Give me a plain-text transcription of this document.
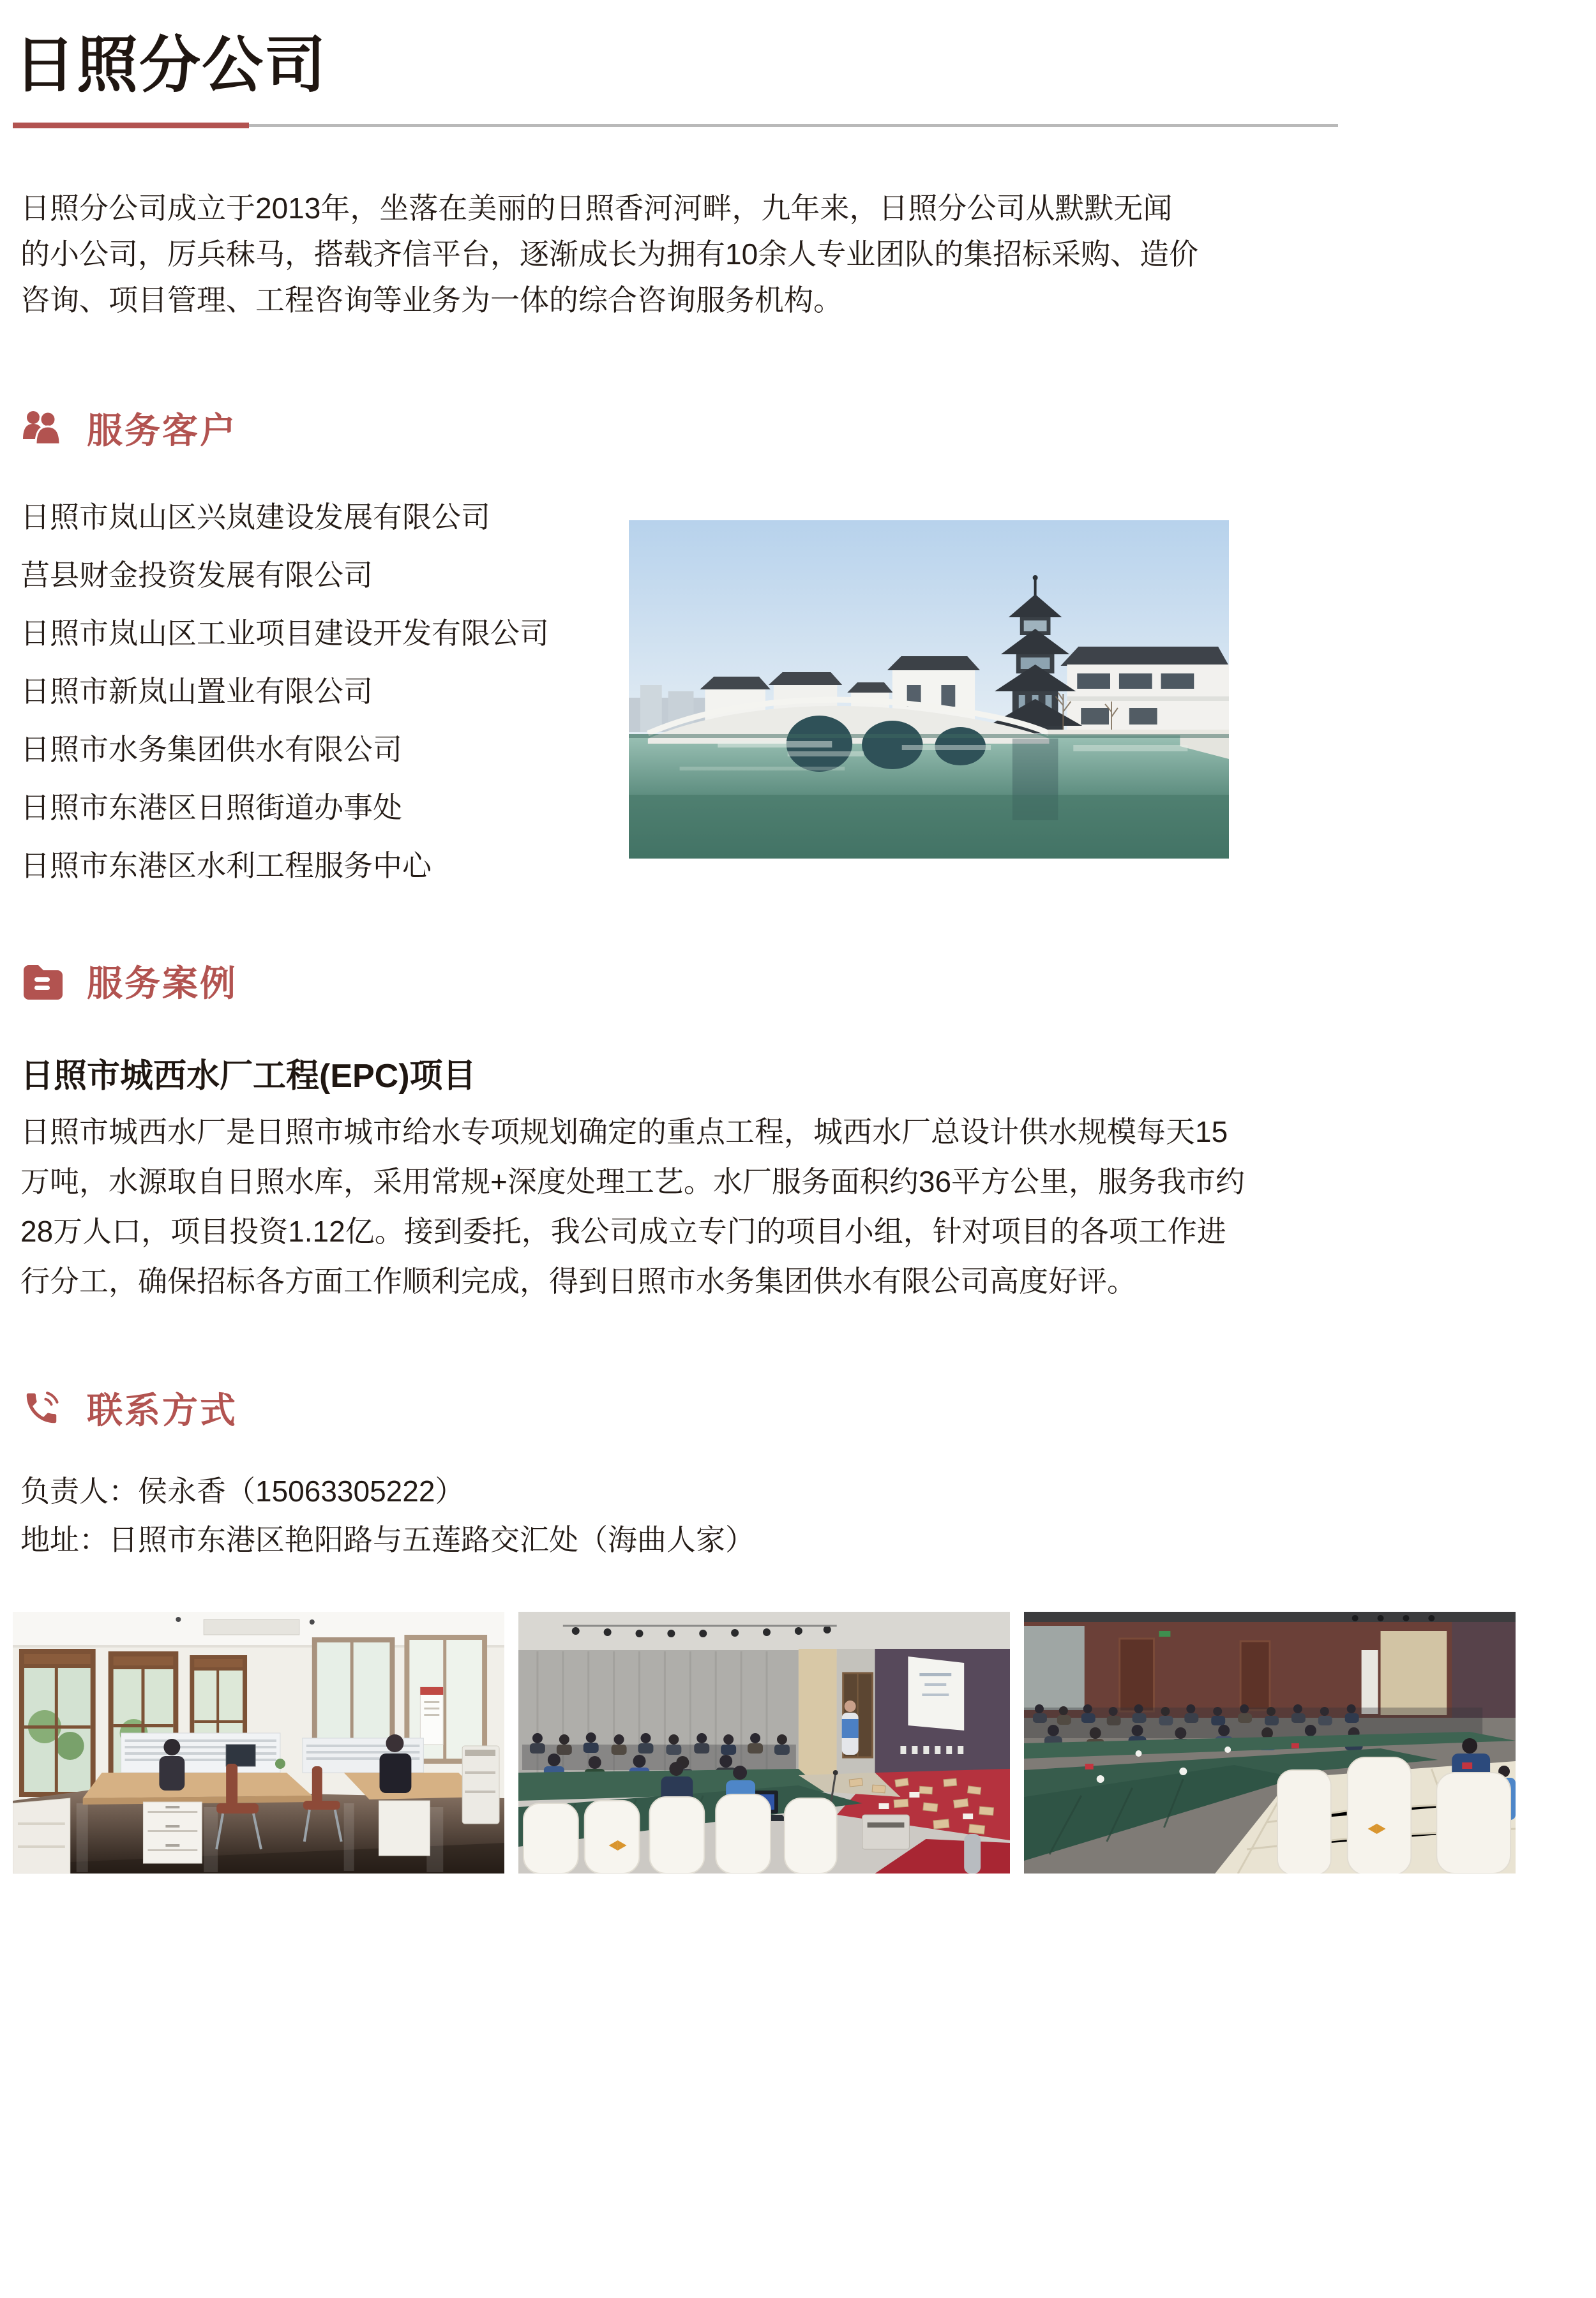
日照分公司
日照分公司成立于2013年，坐落在美丽的日照香河河畔，九年来，日照分公司从默默无闻
的小公司，厉兵秣马，搭载齐信平台，逐渐成长为拥有10余人专业团队的集招标采购、造价
咨询、项目管理、工程咨询等业务为一体的综合咨询服务机构。
服务客户
日照市岚山区兴岚建设发展有限公司
莒县财金投资发展有限公司
日照市岚山区工业项目建设开发有限公司
日照市新岚山置业有限公司
日照市水务集团供水有限公司
日照市东港区日照街道办事处
日照市东港区水利工程服务中心
服务案例
日照市城西水厂工程(EPC)项目
日照市城西水厂是日照市城市给水专项规划确定的重点工程，城西水厂总设计供水规模每天15
万吨，水源取自日照水库，采用常规+深度处理工艺。水厂服务面积约36平方公里，服务我市约
28万人口，项目投资1.12亿。接到委托，我公司成立专门的项目小组，针对项目的各项工作进
行分工，确保招标各方面工作顺利完成，得到日照市水务集团供水有限公司高度好评。
联系方式
负责人：侯永香（15063305222）
地址：日照市东港区艳阳路与五莲路交汇处（海曲人家）
